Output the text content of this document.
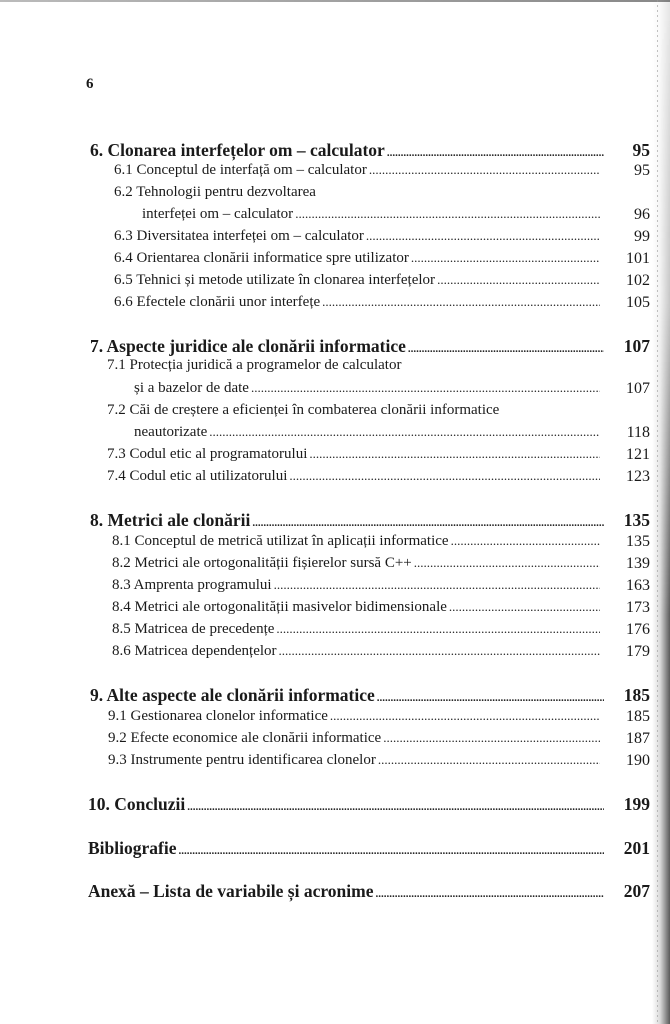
6
6. Clonarea interfețelor om – calculator .....	95
6.1 Conceptul de interfață om – calculator .....	95
6.2 Tehnologii pentru dezvoltarea
interfeței om – calculator .....	96
6.3 Diversitatea interfeței om – calculator .....	99
6.4 Orientarea clonării informatice spre utilizator .....	101
6.5 Tehnici și metode utilizate în clonarea interfețelor .....	102
6.6 Efectele clonării unor interfețe .....	105
7. Aspecte juridice ale clonării informatice .....	107
7.1 Protecția juridică a programelor de calculator
și a bazelor de date .....	107
7.2 Căi de creștere a eficienței în combaterea clonării informatice
neautorizate .....	118
7.3 Codul etic al programatorului .....	121
7.4 Codul etic al utilizatorului .....	123
8. Metrici ale clonării .....	135
8.1 Conceptul de metrică utilizat în aplicații informatice .....	135
8.2 Metrici ale ortogonalității fișierelor sursă C++ .....	139
8.3 Amprenta programului .....	163
8.4 Metrici ale ortogonalității masivelor bidimensionale .....	173
8.5 Matricea de precedențe .....	176
8.6 Matricea dependențelor .....	179
9. Alte aspecte ale clonării informatice .....	185
9.1 Gestionarea clonelor informatice .....	185
9.2 Efecte economice ale clonării informatice .....	187
9.3 Instrumente pentru identificarea clonelor .....	190
10. Concluzii .....	199
Bibliografie .....	201
Anexă – Lista de variabile și acronime .....	207
